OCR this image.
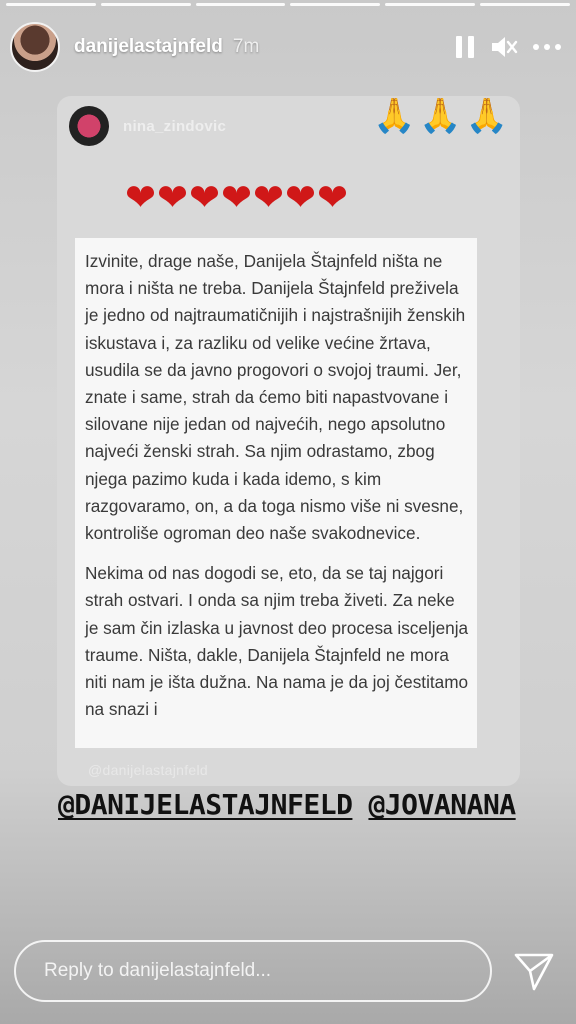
danijelastajnfeld 7m
nina_zindovic	🙏🙏🙏
❤❤❤❤❤❤❤

Izvinite, drage naše, Danijela Štajnfeld ništa ne mora i ništa ne treba. Danijela Štajnfeld preživela je jedno od najtraumatičnijih i najstrašnijih ženskih iskustava i, za razliku od velike većine žrtava, usudila se da javno progovori o svojoj traumi. Jer, znate i same, strah da ćemo biti napastvovane i silovane nije jedan od najvećih, nego apsolutno najveći ženski strah. Sa njim odrastamo, zbog njega pazimo kuda i kada idemo, s kim razgovaramo, on, a da toga nismo više ni svesne, kontroliše ogroman deo naše svakodnevice.

Nekima od nas dogodi se, eto, da se taj najgori strah ostvari. I onda sa njim treba živeti. Za neke je sam čin izlaska u javnost deo procesa isceljenja traume. Ništa, dakle, Danijela Štajnfeld ne mora niti nam je išta dužna. Na nama je da joj čestitamo na snazi i

@danijelastajnfeld
@DANIJELASTAJNFELD @JOVANANA
Reply to danijelastajnfeld...
